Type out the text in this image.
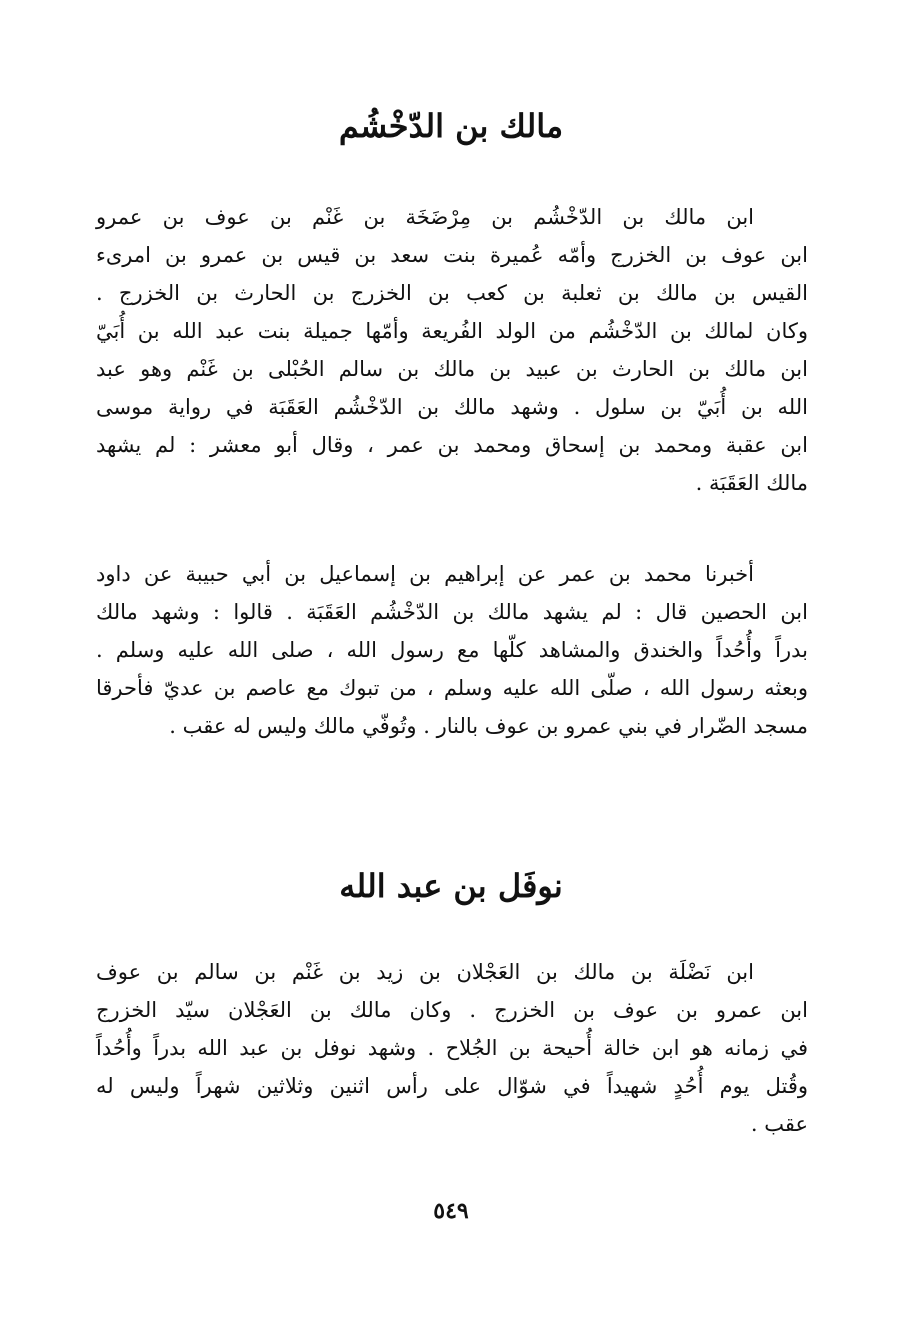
مالك بن الدّخْشُم
ابن مالك بن الدّخْشُم بن مِرْضَخَة بن غَنْم بن عوف بن عمرو
ابن عوف بن الخزرج وأمّه عُميرة بنت سعد بن قيس بن عمرو بن امرىء
القيس بن مالك بن ثعلبة بن كعب بن الخزرج بن الحارث بن الخزرج .
وكان لمالك بن الدّخْشُم من الولد الفُريعة وأمّها جميلة بنت عبد الله بن أُبَيّ
ابن مالك بن الحارث بن عبيد بن مالك بن سالم الحُبْلى بن غَنْم وهو عبد
الله بن أُبَيّ بن سلول . وشهد مالك بن الدّخْشُم العَقَبَة في رواية موسى
ابن عقبة ومحمد بن إسحاق ومحمد بن عمر ، وقال أبو معشر : لم يشهد
مالك العَقَبَة .
أخبرنا محمد بن عمر عن إبراهيم بن إسماعيل بن أبي حبيبة عن داود
ابن الحصين قال : لم يشهد مالك بن الدّخْشُم العَقَبَة . قالوا : وشهد مالك
بدراً وأُحُداً والخندق والمشاهد كلّها مع رسول الله ، صلى الله عليه وسلم .
وبعثه رسول الله ، صلّى الله عليه وسلم ، من تبوك مع عاصم بن عديّ فأحرقا
مسجد الضّرار في بني عمرو بن عوف بالنار . وتُوفّي مالك وليس له عقب .
نوفَل بن عبد الله
ابن نَضْلَة بن مالك بن العَجْلان بن زيد بن غَنْم بن سالم بن عوف
ابن عمرو بن عوف بن الخزرج . وكان مالك بن العَجْلان سيّد الخزرج
في زمانه هو ابن خالة أُحيحة بن الجُلاح . وشهد نوفل بن عبد الله بدراً وأُحُداً
وقُتل يوم أُحُدٍ شهيداً في شوّال على رأس اثنين وثلاثين شهراً وليس له
عقب .
٥٤٩
